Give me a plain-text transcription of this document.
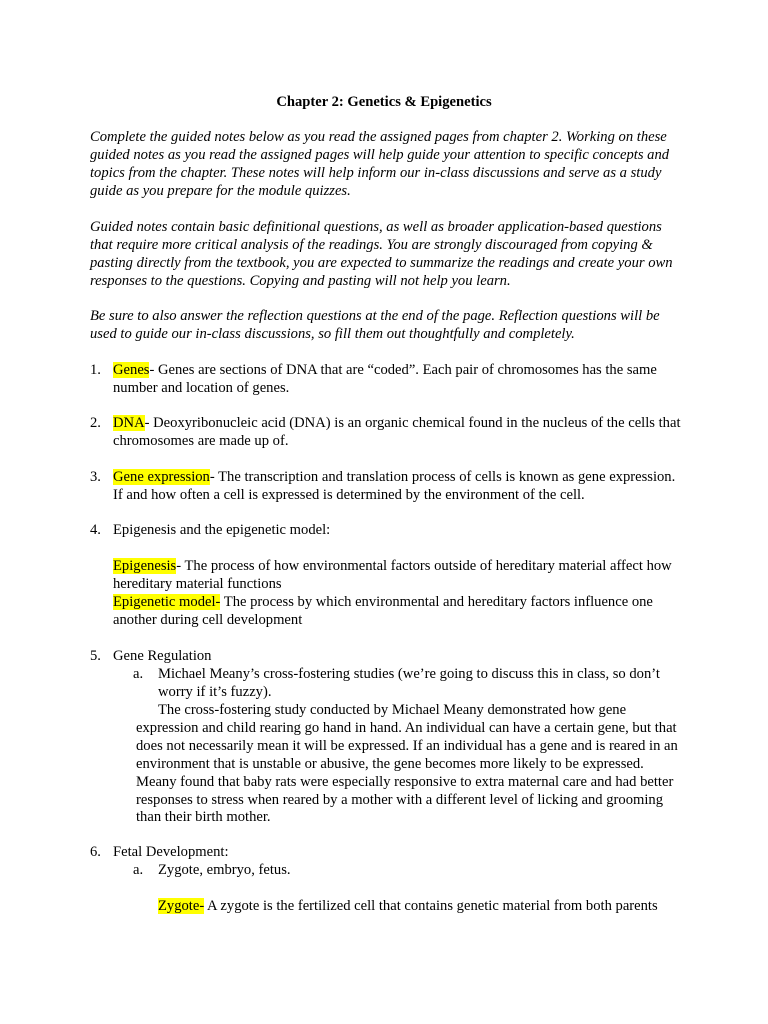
Chapter 2: Genetics & Epigenetics
Complete the guided notes below as you read the assigned pages from chapter 2. Working on these guided notes as you read the assigned pages will help guide your attention to specific concepts and topics from the chapter. These notes will help inform our in-class discussions and serve as a study guide as you prepare for the module quizzes.
Guided notes contain basic definitional questions, as well as broader application-based questions that require more critical analysis of the readings. You are strongly discouraged from copying & pasting directly from the textbook, you are expected to summarize the readings and create your own responses to the questions. Copying and pasting will not help you learn.
Be sure to also answer the reflection questions at the end of the page. Reflection questions will be used to guide our in-class discussions, so fill them out thoughtfully and completely.
1. Genes- Genes are sections of DNA that are “coded”. Each pair of chromosomes has the same number and location of genes.
2. DNA- Deoxyribonucleic acid (DNA) is an organic chemical found in the nucleus of the cells that chromosomes are made up of.
3. Gene expression- The transcription and translation process of cells is known as gene expression. If and how often a cell is expressed is determined by the environment of the cell.
4. Epigenesis and the epigenetic model:
Epigenesis- The process of how environmental factors outside of hereditary material affect how hereditary material functions
Epigenetic model- The process by which environmental and hereditary factors influence one another during cell development
5. Gene Regulation
a. Michael Meany’s cross-fostering studies (we’re going to discuss this in class, so don’t worry if it’s fuzzy).
The cross-fostering study conducted by Michael Meany demonstrated how gene expression and child rearing go hand in hand. An individual can have a certain gene, but that does not necessarily mean it will be expressed. If an individual has a gene and is reared in an environment that is unstable or abusive, the gene becomes more likely to be expressed. Meany found that baby rats were especially responsive to extra maternal care and had better responses to stress when reared by a mother with a different level of licking and grooming than their birth mother.
6. Fetal Development:
a. Zygote, embryo, fetus.
Zygote- A zygote is the fertilized cell that contains genetic material from both parents
